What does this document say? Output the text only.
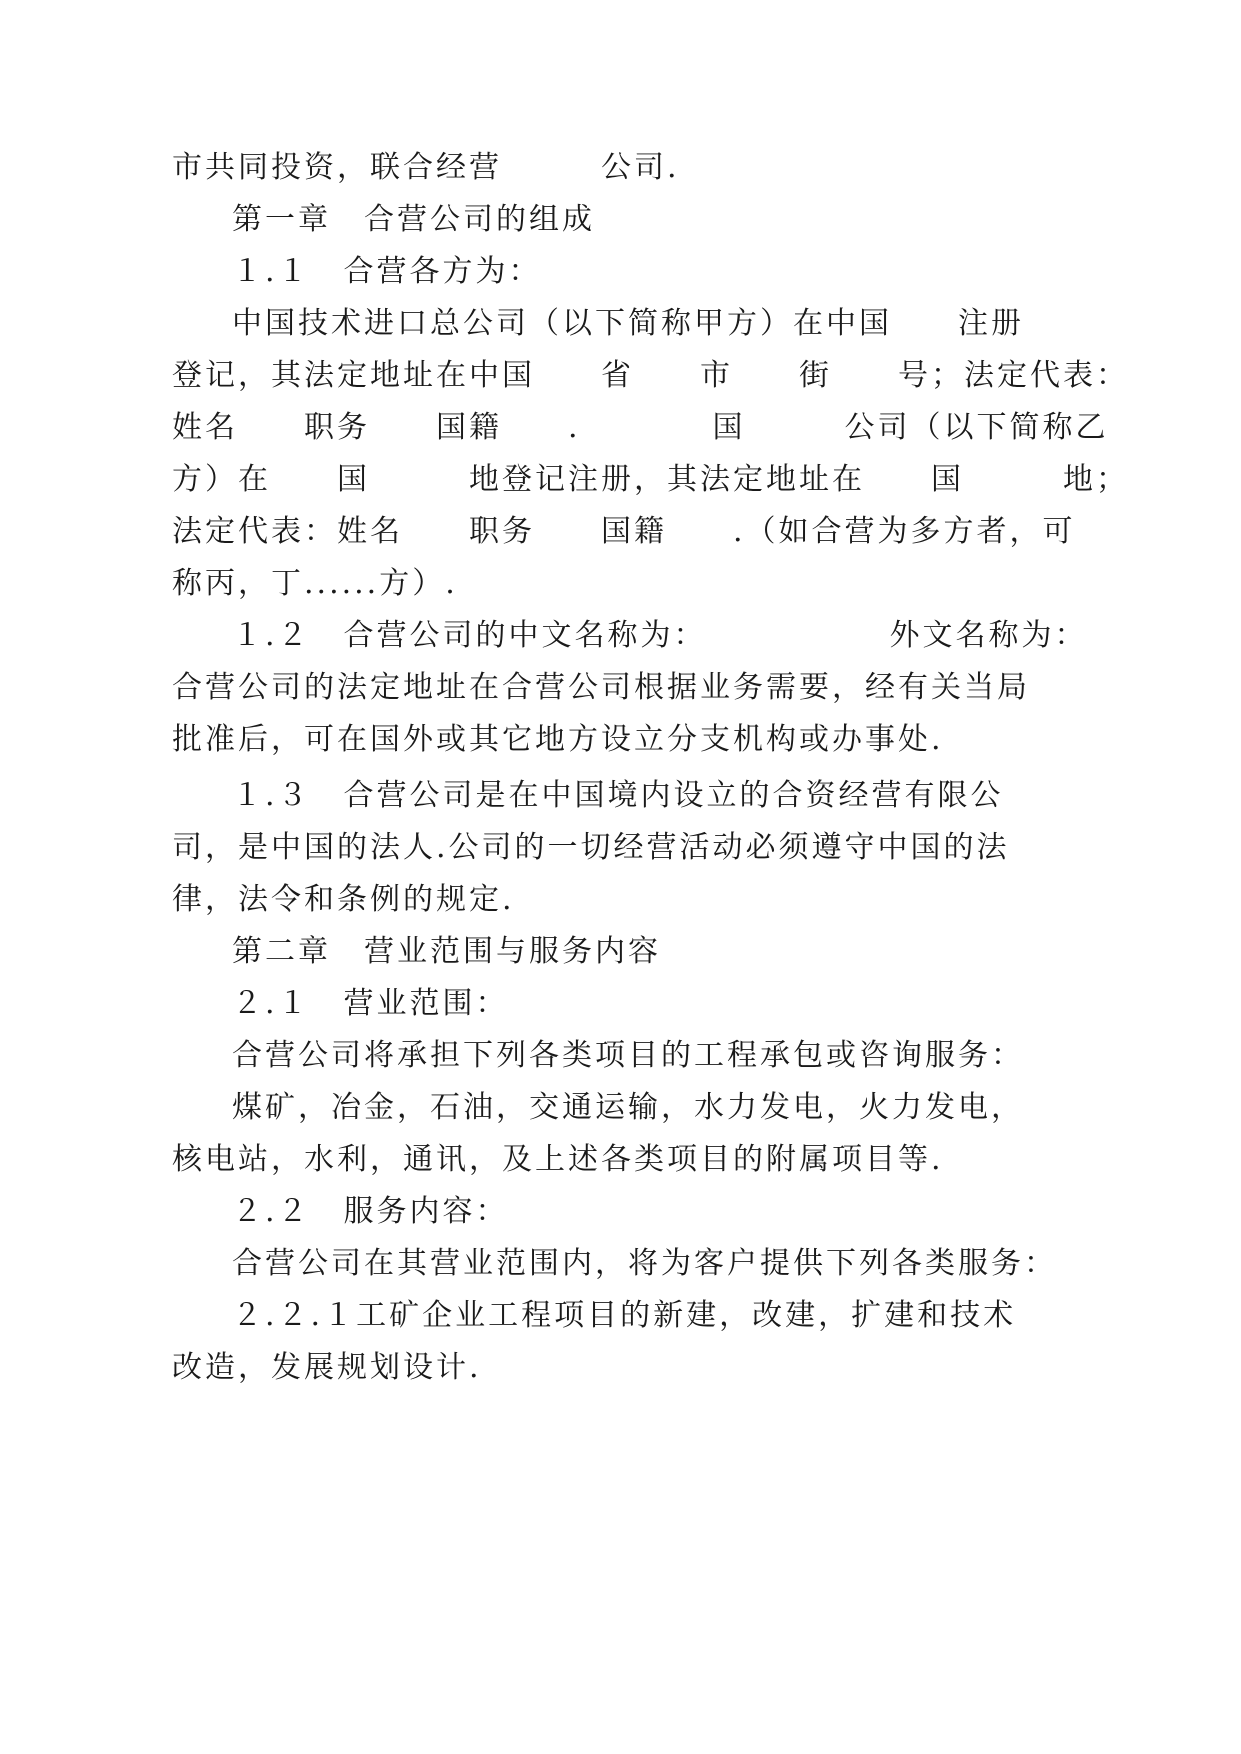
市共同投资，联合经营　　　公司.
第一章　合营公司的组成
１.１　合营各方为：
中国技术进口总公司（以下简称甲方）在中国　　注册
登记，其法定地址在中国　　省　　市　　街　　号；法定代表：
姓名　　职务　　国籍　　.　　　　国　　　公司（以下简称乙
方）在　　国　　　地登记注册，其法定地址在　　国　　　地；
法定代表：姓名　　职务　　国籍　　.（如合营为多方者，可
称丙，丁......方）.
１.２　合营公司的中文名称为：　　　　　　外文名称为：
合营公司的法定地址在合营公司根据业务需要，经有关当局
批准后，可在国外或其它地方设立分支机构或办事处.
１.３　合营公司是在中国境内设立的合资经营有限公
司，是中国的法人.公司的一切经营活动必须遵守中国的法
律，法令和条例的规定.
第二章　营业范围与服务内容
２.１　营业范围：
合营公司将承担下列各类项目的工程承包或咨询服务：
煤矿，冶金，石油，交通运输，水力发电，火力发电，
核电站，水利，通讯，及上述各类项目的附属项目等.
２.２　服务内容：
合营公司在其营业范围内，将为客户提供下列各类服务：
２.２.１工矿企业工程项目的新建，改建，扩建和技术
改造，发展规划设计.
